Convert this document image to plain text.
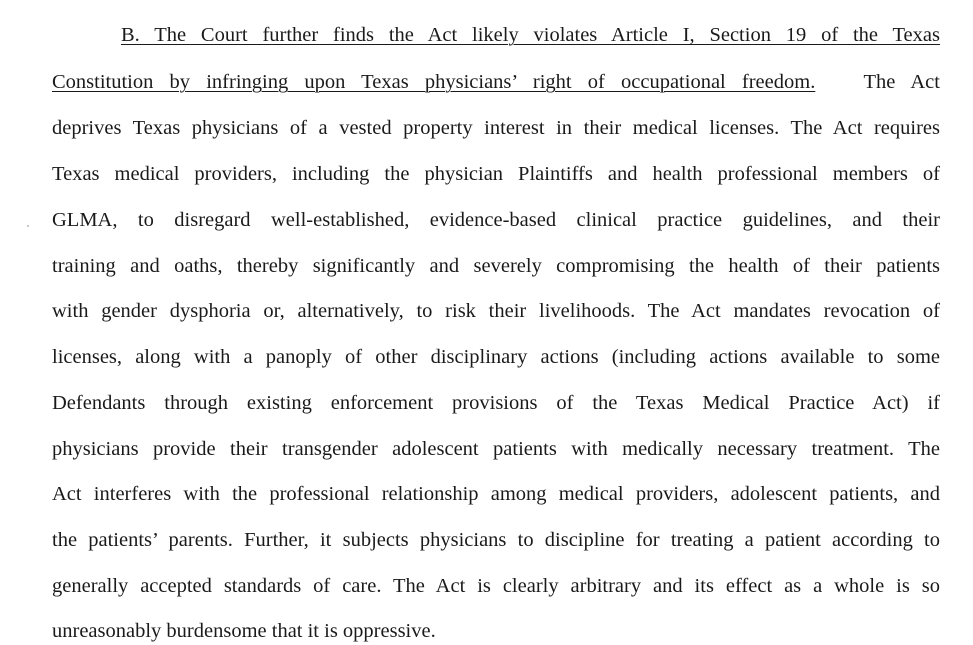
B. The Court further finds the Act likely violates Article I, Section 19 of the Texas
Constitution by infringing upon Texas physicians’ right of occupational freedom. The Act
deprives Texas physicians of a vested property interest in their medical licenses. The Act requires
Texas medical providers, including the physician Plaintiffs and health professional members of
GLMA, to disregard well-established, evidence-based clinical practice guidelines, and their
training and oaths, thereby significantly and severely compromising the health of their patients
with gender dysphoria or, alternatively, to risk their livelihoods. The Act mandates revocation of
licenses, along with a panoply of other disciplinary actions (including actions available to some
Defendants through existing enforcement provisions of the Texas Medical Practice Act) if
physicians provide their transgender adolescent patients with medically necessary treatment. The
Act interferes with the professional relationship among medical providers, adolescent patients, and
the patients’ parents. Further, it subjects physicians to discipline for treating a patient according to
generally accepted standards of care. The Act is clearly arbitrary and its effect as a whole is so
unreasonably burdensome that it is oppressive.
